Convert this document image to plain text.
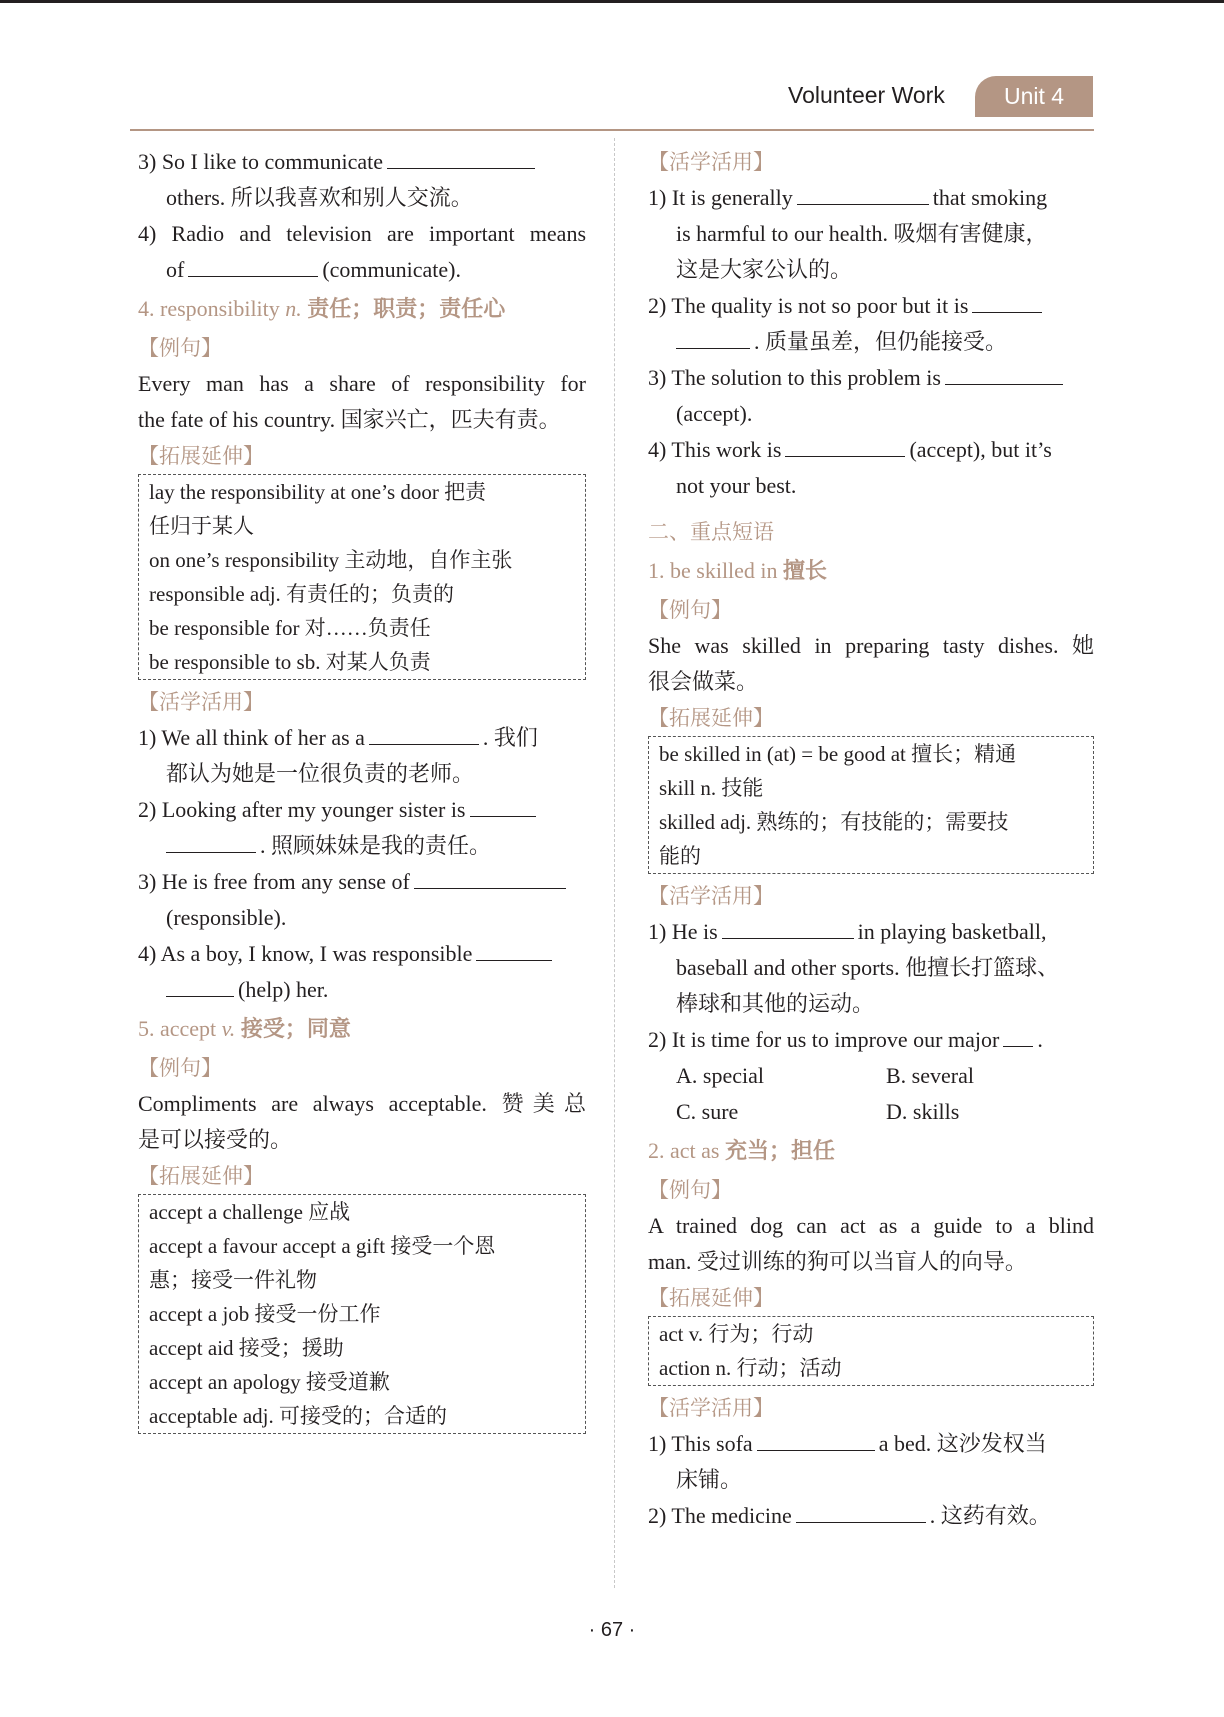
Volunteer Work	Unit 4
3) So I like to communicate
others. 所以我喜欢和别人交流。
4) Radio and television are important means
of	(communicate).
4. responsibility n. 责任；职责；责任心
【例句】
Every man has a share of responsibility for
the fate of his country. 国家兴亡，匹夫有责。
【拓展延伸】
lay the responsibility at one’s door 把责
任归于某人
on one’s responsibility 主动地，自作主张
responsible adj. 有责任的；负责的
be responsible for 对……负责任
be responsible to sb. 对某人负责
【活学活用】
1) We all think of her as a	. 我们
都认为她是一位很负责的老师。
2) Looking after my younger sister is
. 照顾妹妹是我的责任。
3) He is free from any sense of
(responsible).
4) As a boy, I know, I was responsible
(help) her.
5. accept v. 接受；同意
【例句】
Compliments are always acceptable. 赞美总
是可以接受的。
【拓展延伸】
accept a challenge 应战
accept a favour accept a gift 接受一个恩
惠；接受一件礼物
accept a job 接受一份工作
accept aid 接受；援助
accept an apology 接受道歉
acceptable adj. 可接受的；合适的
【活学活用】
1) It is generally	that smoking
is harmful to our health. 吸烟有害健康，
这是大家公认的。
2) The quality is not so poor but it is
. 质量虽差，但仍能接受。
3) The solution to this problem is
(accept).
4) This work is	(accept), but it’s
not your best.
二、重点短语
1. be skilled in 擅长
【例句】
She was skilled in preparing tasty dishes. 她
很会做菜。
【拓展延伸】
be skilled in (at) = be good at 擅长；精通
skill n. 技能
skilled adj. 熟练的；有技能的；需要技
能的
【活学活用】
1) He is	in playing basketball,
baseball and other sports. 他擅长打篮球、
棒球和其他的运动。
2) It is time for us to improve our major .
A. special	B. several
C. sure	D. skills
2. act as 充当；担任
【例句】
A trained dog can act as a guide to a blind
man. 受过训练的狗可以当盲人的向导。
【拓展延伸】
act v. 行为；行动
action n. 行动；活动
【活学活用】
1) This sofa	a bed. 这沙发权当
床铺。
2) The medicine	. 这药有效。
· 67 ·
